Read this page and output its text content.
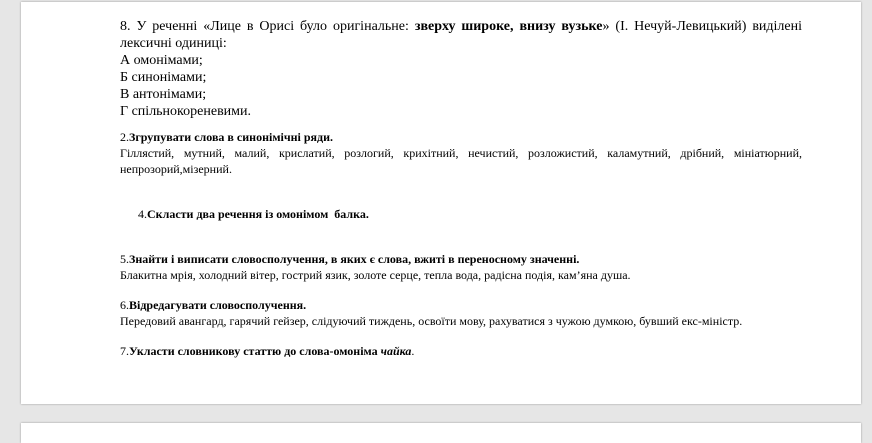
8. У реченні «Лице в Орисі було оригінальне: зверху широке, внизу вузьке» (І. Нечуй-Левицький) виділені лексичні одиниці:
А омонімами;
Б синонімами;
В антонімами;
Г спільнокореневими.
2.Згрупувати слова в синонімічні ряди.
Гіллястий, мутний, малий, крислатий, розлогий, крихітний, нечистий, розложистий, каламутний, дрібний, мініатюрний, непрозорий,мізерний.

4.Скласти два речення із омонімом  балка.

5.Знайти і виписати словосполучення, в яких є слова, вжиті в переносному значенні.
Блакитна мрія, холодний вітер, гострий язик, золоте серце, тепла вода, радісна подія, кам’яна душа.
6.Відредагувати словосполучення.
Передовий авангард, гарячий гейзер, слідуючий тиждень, освоїти мову, рахуватися з чужою думкою, бувший екс-міністр.
7.Укласти словникову статтю до слова-омоніма чайка.
